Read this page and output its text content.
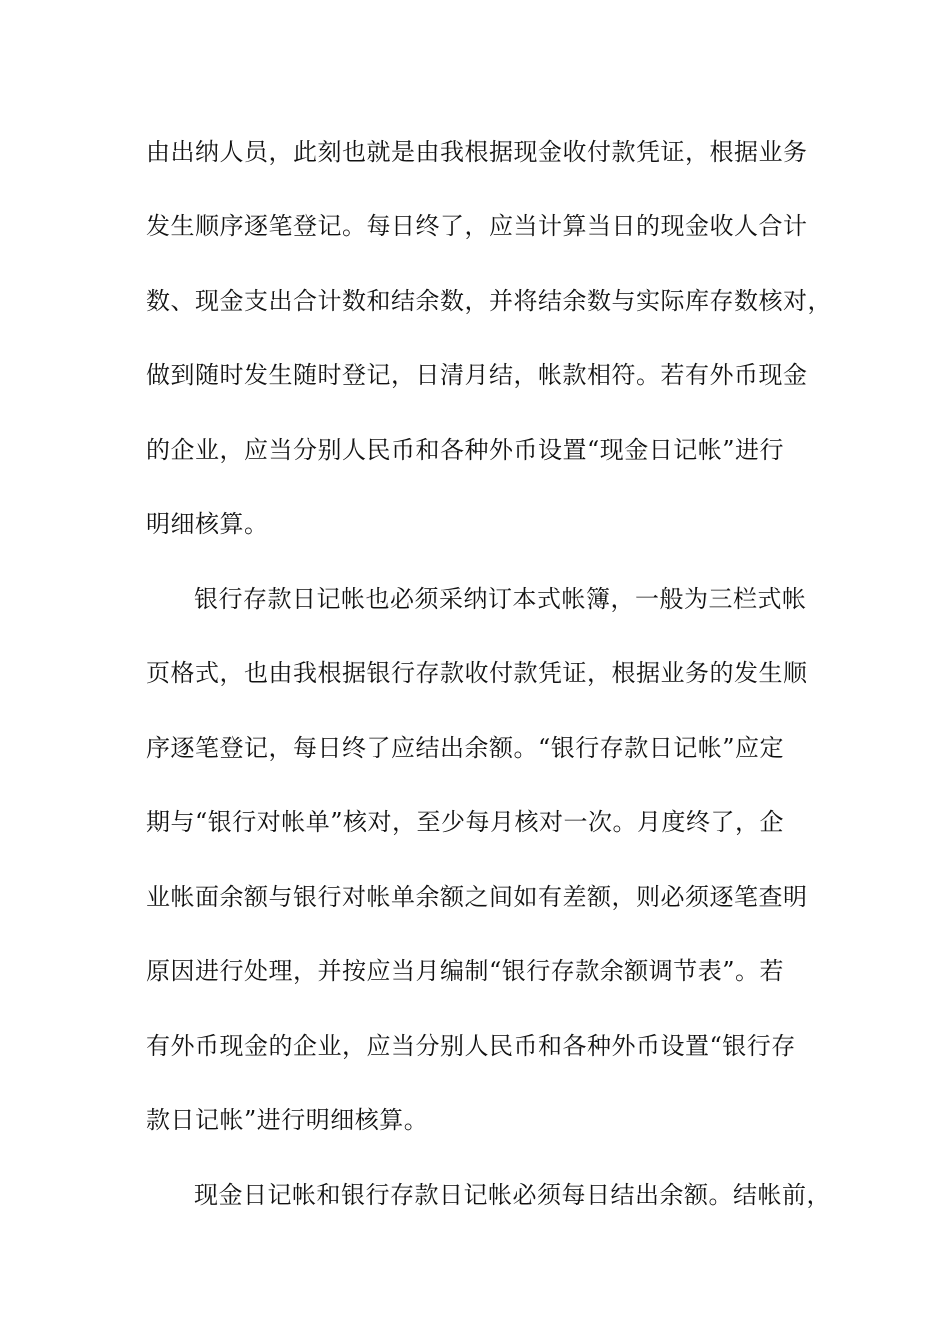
由出纳人员，此刻也就是由我根据现金收付款凭证，根据业务
发生顺序逐笔登记。每日终了，应当计算当日的现金收人合计
数、现金支出合计数和结余数，并将结余数与实际库存数核对，
做到随时发生随时登记，日清月结，帐款相符。若有外币现金
的企业，应当分别人民币和各种外币设置“现金日记帐”进行
明细核算。
银行存款日记帐也必须采纳订本式帐簿，一般为三栏式帐
页格式，也由我根据银行存款收付款凭证，根据业务的发生顺
序逐笔登记，每日终了应结出余额。“银行存款日记帐”应定
期与“银行对帐单”核对，至少每月核对一次。月度终了，企
业帐面余额与银行对帐单余额之间如有差额，则必须逐笔查明
原因进行处理，并按应当月编制“银行存款余额调节表”。若
有外币现金的企业，应当分别人民币和各种外币设置“银行存
款日记帐”进行明细核算。
现金日记帐和银行存款日记帐必须每日结出余额。结帐前，
